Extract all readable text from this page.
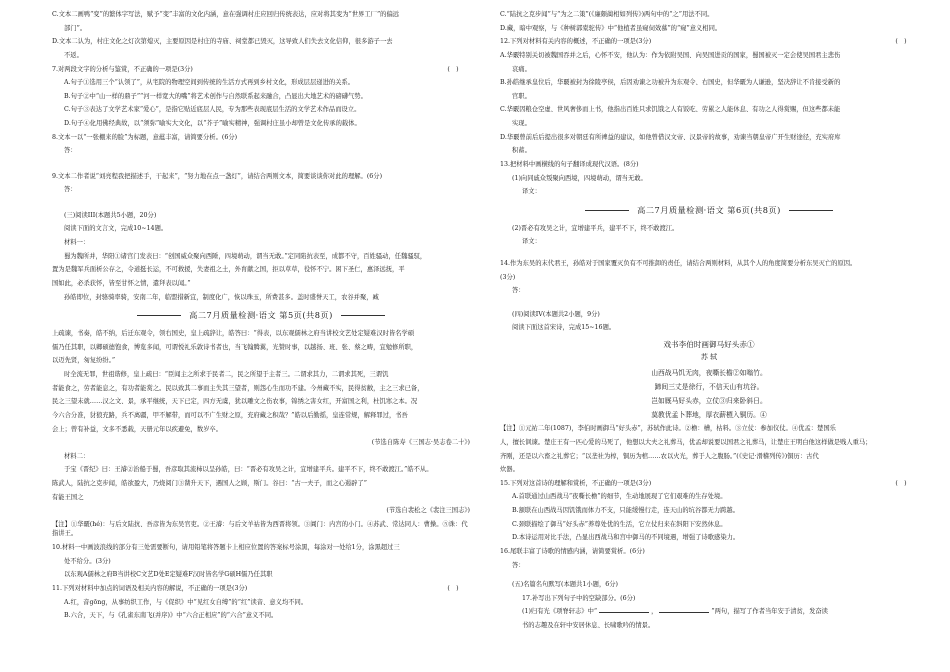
C.文本二画鸭“变”的繁体字写法，赋予“变”丰富的文化内涵，意在强调村庄应回归传统表达，应对将其变为“世界工厂”的偏远

部门”。

D.文本二认为，村庄文化之灯次第熄灭，主要原因是村庄的寺庙、祠堂都已毁灭，这导致人们失去文化信仰，很多游子一去

不返。

7.对两段文字的分析与鉴赏，不正确的一项是(3分)	(　)

A.句子①选用三个“认领了”，从宅院的物理空间到传统的生活方式再到乡村文化，形成层层递进的关系。

B.句子②中“山一样的鼎子”“河一样宽大的嘴”将艺术创作与自然联系起来融合，凸显出大地艺术的磅礴气势。

C.句子③表达了文学艺术家“爱心”，是指它贴近底层人民，专为那些表现底层生活的文学艺术作品而设立。

D.句子④化用佛经典故，以“须弥”喻实大文化，以“芥子”喻实精神，强调村庄虽小却曾是文化传承的载体。

8.文本一以“一张棚来的脸”为标题，意蕴丰富，请简要分析。(6分)

答：

9.文本二作者说“刘亮程我把描述手，干起来”，“努力地在点一盏灯”，请结合两则文本，简要谈谈你对此的理解。(6分)

答：

(三)阅读III(本题共5小题，20分)

阅读下面的文言文，完成10~14题。

材料一：

蜀为魏所并，华阳①诸宫门发表曰：“创国威众聚向西陲，四境萌动，谓当无敢。”定同陷抗表至，成都不守，百姓骚动，任魏骚驭，

置为是魏军兵面析公存之，令道挺长运，不可救援，失妻祖之土，外育献之国，拒以草草，役怀不宁。困下圣仁，惠泽远抚，平

国如此，必杀获怀，皆至甘怀之情，遣拜表以闻。”

孙皓即位，封骆骑率骑，安南二年，临盟措新宜，制度化广，恢以珠玉，所费甚多。盖时盛誉天工，农谷并聚，臧

高二7月质量检测·语文 第5页(共8页)

上疏谏，书奏，皓不纳，后迁东观令，领右国史，皇上疏辞让，皓答曰：“得表，以东观儒林之府当讲校文艺处定疑难汉时皆名学硕

儒乃任其职，以卿硕德饱食，博览多闻，可谓悦礼乐敦诗书者也，当飞翰腾翼，光赞时事，以越扬、班、张、蔡之畴，宜勉修所职，

以迈先贤，匆复纷纷。”

时全流无罪，世祖谐修，皇上疏曰：“臣闻主之所求于民者二，民之所望于主者三。二谓求其力，二谓求其死，三谓饥

者能食之，劳者能息之，有功者能赏之。民以致其二事而主失其三望者，则怨心生而功不建。今州藏不实，民得贫敝，主之三求已备，

民之三望未就……汉之文、景，承平继统，天下已定，四方无虞，犹以雕文之伤农事，锦绣之害女红，开富国之利，杜饥寒之本。况

今六合分准，豺狼充路，兵不离疆，甲不解带，而可以不广生财之原，充府藏之积哉？”皓以后勤摇，皇连常规，解释罪过，书吾

会上；曾有补益，文多不悉载，天册元年以疾避免，数岁卒。

(节选自陈寿《三国志·吴志卷二十》)

材料二：

于宝《晋纪》曰：王濬②治船于蜀，吾彦取其流柿以呈孙皓，曰：“晋必有攻吴之计，宜增建平兵。建平不下，终不敢渡江。”皓不从。

陈武人，陆抗之克步闻，皓欲盈大，乃烧阅门③凿升天下，遇国人之顾，斯门。谷曰：“古一夫子，而之心遏辟了”

有能王国之

(节选自裴松之《裴注三国志》)

【注】①华覈(hé)：与后文陆抗、吾彦皆为东吴官吏。②王濬：与后文羊祜皆为西晋将领。③阊门：内宫的小门。④苏武、常达同人：曹操。⑤诛：代指讲王。

10.材料一中画波浪线的部分有三处需要断句，请用铅笔将答题卡上相应位置的答案标号涂黑，每涂对一处给1分，涂黑超过三

处不给分。(3分)

以东观A儒林之府B当讲校C文艺D处E定疑难F汉时皆名学G硕H儒乃任其职

11.下列对材料中加点的词语及相关内容的解说，不正确的一项是(3分)	(　)

A.红，音gōng，从事纺织工作，与《促织》中“见红女自缚”的“红”读音、意义均不同。

B.六合，天下，与《孔雀东南飞(并序)》中“六合正相应”的“六合”意义不同。

C.“陆抗之克步闻”与“为之二策”(《廉颇蔺相如列传》)两句中的“之”用法不同。

D.藏，暗中观察，与《种树郭橐驼传》中“他植者虽窥伺效慕”的“窥”意义相同。

12.下列对材料有关内容的概述，不正确的一项是(3分)	(　)

A.华覈特别关切被魏国吞并之后，心怀不安，他认为：作为依附吴国、向吴国进贡的国家，蜀国被灭一定会使吴国君主悲伤

哀痛。

B.孙皓继承皇位后，华覈被封为徐陵亭侯，后因劝谏之功被升为东观令、右国史，但华覈为人谦逊，坚决辞让不肯接受新的

官职。

C.华覈因粮仓空虚、世风奢侈而上书，他指出百姓只求饥饿之人有饭吃、劳累之人能休息、有功之人得赏赐，但这些都未能

实现。

D.华覈曾前后后提出很多对朝廷有所裨益的建议，如他曾借汉文帝、汉景帝的故事，劝谏当朝皇帝广开生财途径，充实府库

积蓄。

13.把材料中画横线的句子翻译成现代汉语。(8分)

(1)向同戚众叛聚向西境，四境萌动，谓当无敢。

译文：

高二7月质量检测·语文 第6页(共8页)

(2)晋必有攻吴之计，宜增建平兵，建平不下，终不敢渡江。

译文：

14.作为东吴的末代君王，孙皓对于国家覆灭负有不可推卸的责任，请结合两则材料，从其个人的角度简要分析东吴灭亡的原因。

(3分)

答：

(四)阅读IV(本题共2小题，9分)

阅读下面这首宋诗，完成15~16题。

戏书李伯时画御马好头赤①
苏 轼
山西战马饥无肉，夜嘶长檐②如嗡竹。
蹄间三丈是徐行，不信天山有坑谷。
岂如厩马好头赤，立仗③归来卧斜日。
莫教优孟卜葬地，厚衣薪槱入铜历。④

【注】①元祐二年(1087)，李伯时画御马“好头赤”，苏轼作此诗。②檐：槽，枯料。③立仗：参加仪仗。④优孟：楚国乐

人，擅长讽谏。楚庄王有一匹心爱的马死了，他想以大夫之礼葬马，优孟却说要以国君之礼葬马，让楚庄王明白他这样做是贱人重马；

齐刚，还是以六畜之礼葬它；“以垄社为椁，铜历为棺……农以火光，葬于人之腹肠。”(《史记·滑稽列传》)铜历：古代

炊器。

15.下列对这首诗的理解和赏析，不正确的一项是(3分)	(　)

A.首联通过山西战马“夜嘶长檐”的细节，生动地展现了它们艰难的生存处境。

B.颔联在山西战马因饥饿而体力不支，只能缓慢行走，连天山的坑谷都无力跨越。

C.颈联描绘了御马“好头赤”养尊处优的生活，它立仗归来在斜阳下安然休息。

D.本诗运用对比手法，凸显出西战马和宫中御马的不同境遇，增强了诗歌感染力。

16.尾联丰富了诗歌的情感内涵，请简要赏析。(6分)

答：

(五)名篇名句默写(本题共1小题，6分)

17.补写出下列句子中的空缺部分。(6分)

(1)归有光《项脊轩志》中“	，	”两句，描写了作者当年安于清贫，发奋读

书的志趣及在轩中安居休息、长啸歌吟的情景。
